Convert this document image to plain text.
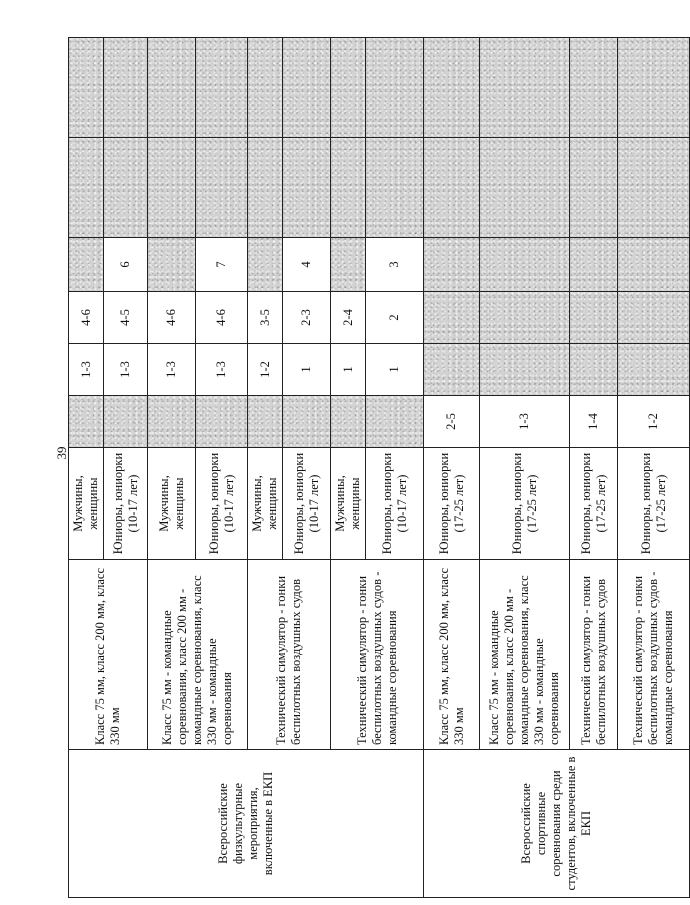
39
Всероссийские физкультурные мероприятия, включенные в ЕКП	Класс 75 мм, класс 200 мм, класс 330 мм	Мужчины, женщины		1-3	4-6			
		Юниоры, юниорки (10-17 лет)		1-3	4-5	6		
	Класс 75 мм - командные соревнования, класс 200 мм - командные соревнования, класс 330 мм - командные соревнования	Мужчины, женщины		1-3	4-6			
		Юниоры, юниорки (10-17 лет)		1-3	4-6	7		
	Технический симулятор - гонки беспилотных воздушных судов	Мужчины, женщины		1-2	3-5			
		Юниоры, юниорки (10-17 лет)		1	2-3	4		
	Технический симулятор - гонки беспилотных воздушных судов - командные соревнования	Мужчины, женщины		1	2-4			
		Юниоры, юниорки (10-17 лет)		1	2	3		
Всероссийские спортивные соревнования среди студентов, включенные в ЕКП	Класс 75 мм, класс 200 мм, класс 330 мм	Юниоры, юниорки (17-25 лет)	2-5					
	Класс 75 мм - командные соревнования, класс 200 мм - командные соревнования, класс 330 мм - командные соревнования	Юниоры, юниорки (17-25 лет)	1-3					
	Технический симулятор - гонки беспилотных воздушных судов	Юниоры, юниорки (17-25 лет)	1-4					
	Технический симулятор - гонки беспилотных воздушных судов - командные соревнования	Юниоры, юниорки (17-25 лет)	1-2					
